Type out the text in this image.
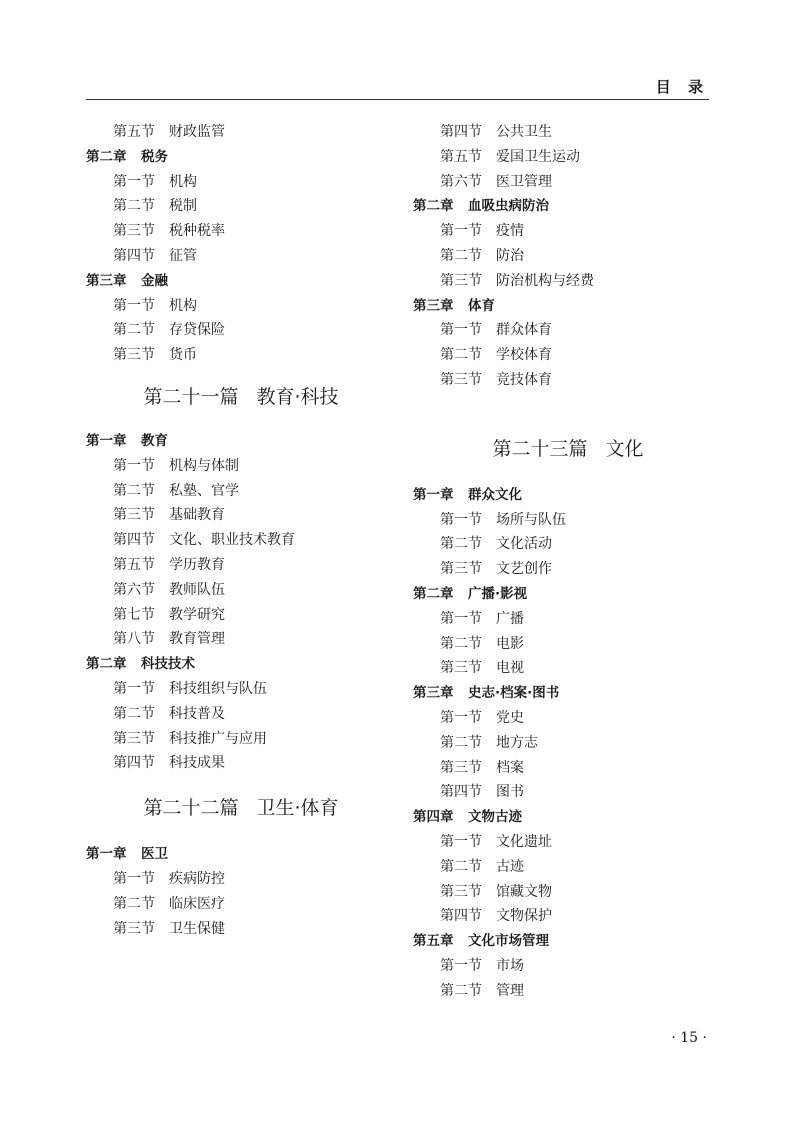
目 录
第五节 财政监管
第二章 税务
第一节 机构
第二节 税制
第三节 税种税率
第四节 征管
第三章 金融
第一节 机构
第二节 存贷保险
第三节 货币
第二十一篇 教育·科技
第一章 教育
第一节 机构与体制
第二节 私塾、官学
第三节 基础教育
第四节 文化、职业技术教育
第五节 学历教育
第六节 教师队伍
第七节 教学研究
第八节 教育管理
第二章 科技技术
第一节 科技组织与队伍
第二节 科技普及
第三节 科技推广与应用
第四节 科技成果
第二十二篇 卫生·体育
第一章 医卫
第一节 疾病防控
第二节 临床医疗
第三节 卫生保健
第四节 公共卫生
第五节 爱国卫生运动
第六节 医卫管理
第二章 血吸虫病防治
第一节 疫情
第二节 防治
第三节 防治机构与经费
第三章 体育
第一节 群众体育
第二节 学校体育
第三节 竞技体育
第二十三篇 文化
第一章 群众文化
第一节 场所与队伍
第二节 文化活动
第三节 文艺创作
第二章 广播·影视
第一节 广播
第二节 电影
第三节 电视
第三章 史志·档案·图书
第一节 党史
第二节 地方志
第三节 档案
第四节 图书
第四章 文物古迹
第一节 文化遗址
第二节 古迹
第三节 馆藏文物
第四节 文物保护
第五章 文化市场管理
第一节 市场
第二节 管理
· 15 ·
